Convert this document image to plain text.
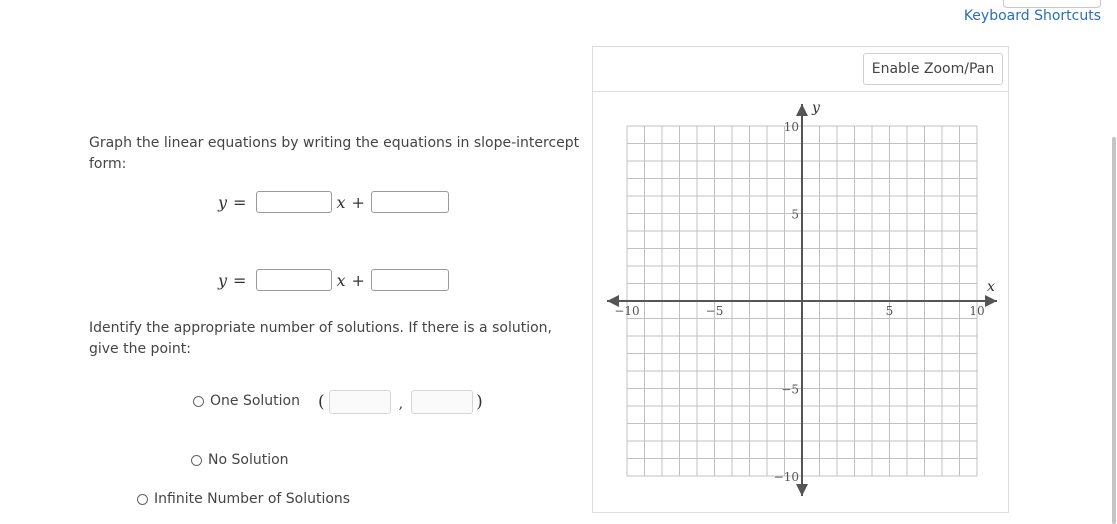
Keyboard Shortcuts
Graph the linear equations by writing the equations in slope-intercept form:
y =	x +
y =	x +
Identify the appropriate number of solutions. If there is a solution, give the point:
One Solution (	,	)
No Solution
Infinite Number of Solutions
Enable Zoom/Pan
x
y
−10	−5	5	10
10
5
−5
−10
